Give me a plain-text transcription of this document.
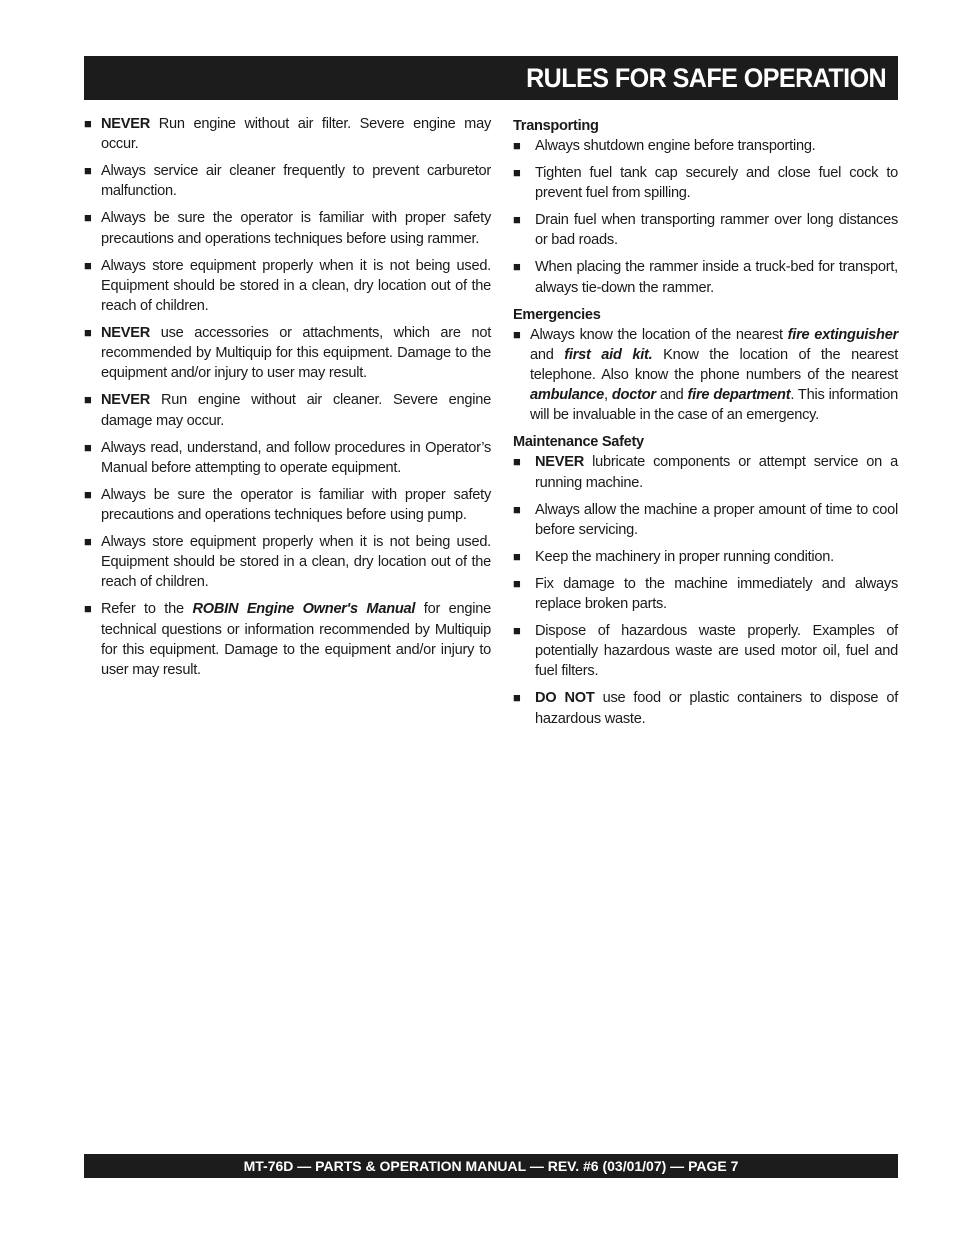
RULES FOR SAFE OPERATION
■ NEVER Run engine without air filter. Severe engine may occur.
■ Always service air cleaner frequently to prevent carburetor malfunction.
■ Always be sure the operator is familiar with proper safety precautions and operations techniques before using rammer.
■ Always store equipment properly when it is not being used. Equipment should be stored in a clean, dry location out of the reach of children.
■ NEVER use accessories or attachments, which are not recommended by Multiquip for this equipment. Damage to the equipment and/or injury to user may result.
■ NEVER Run engine without air cleaner. Severe engine damage may occur.
■ Always read, understand, and follow procedures in Operator’s Manual before attempting to operate equipment.
■ Always be sure the operator is familiar with proper safety precautions and operations techniques before using pump.
■ Always store equipment properly when it is not being used. Equipment should be stored in a clean, dry location out of the reach of children.
■ Refer to the ROBIN Engine Owner's Manual for engine technical questions or information recommended by Multiquip for this equipment. Damage to the equipment and/or injury to user may result.
Transporting
■ Always shutdown engine before transporting.
■ Tighten fuel tank cap securely and close fuel cock to prevent fuel from spilling.
■ Drain fuel when transporting rammer over long distances or bad roads.
■ When placing the rammer inside a truck-bed for transport, always tie-down the rammer.
Emergencies
■ Always know the location of the nearest fire extinguisher and first aid kit. Know the location of the nearest telephone. Also know the phone numbers of the nearest ambulance, doctor and fire department. This information will be invaluable in the case of an emergency.
Maintenance Safety
■ NEVER lubricate components or attempt service on a running machine.
■ Always allow the machine a proper amount of time to cool before servicing.
■ Keep the machinery in proper running condition.
■ Fix damage to the machine immediately and always replace broken parts.
■ Dispose of hazardous waste properly. Examples of potentially hazardous waste are used motor oil, fuel and fuel filters.
■ DO NOT use food or plastic containers to dispose of hazardous waste.
MT-76D — PARTS & OPERATION MANUAL — REV. #6 (03/01/07) — PAGE 7
